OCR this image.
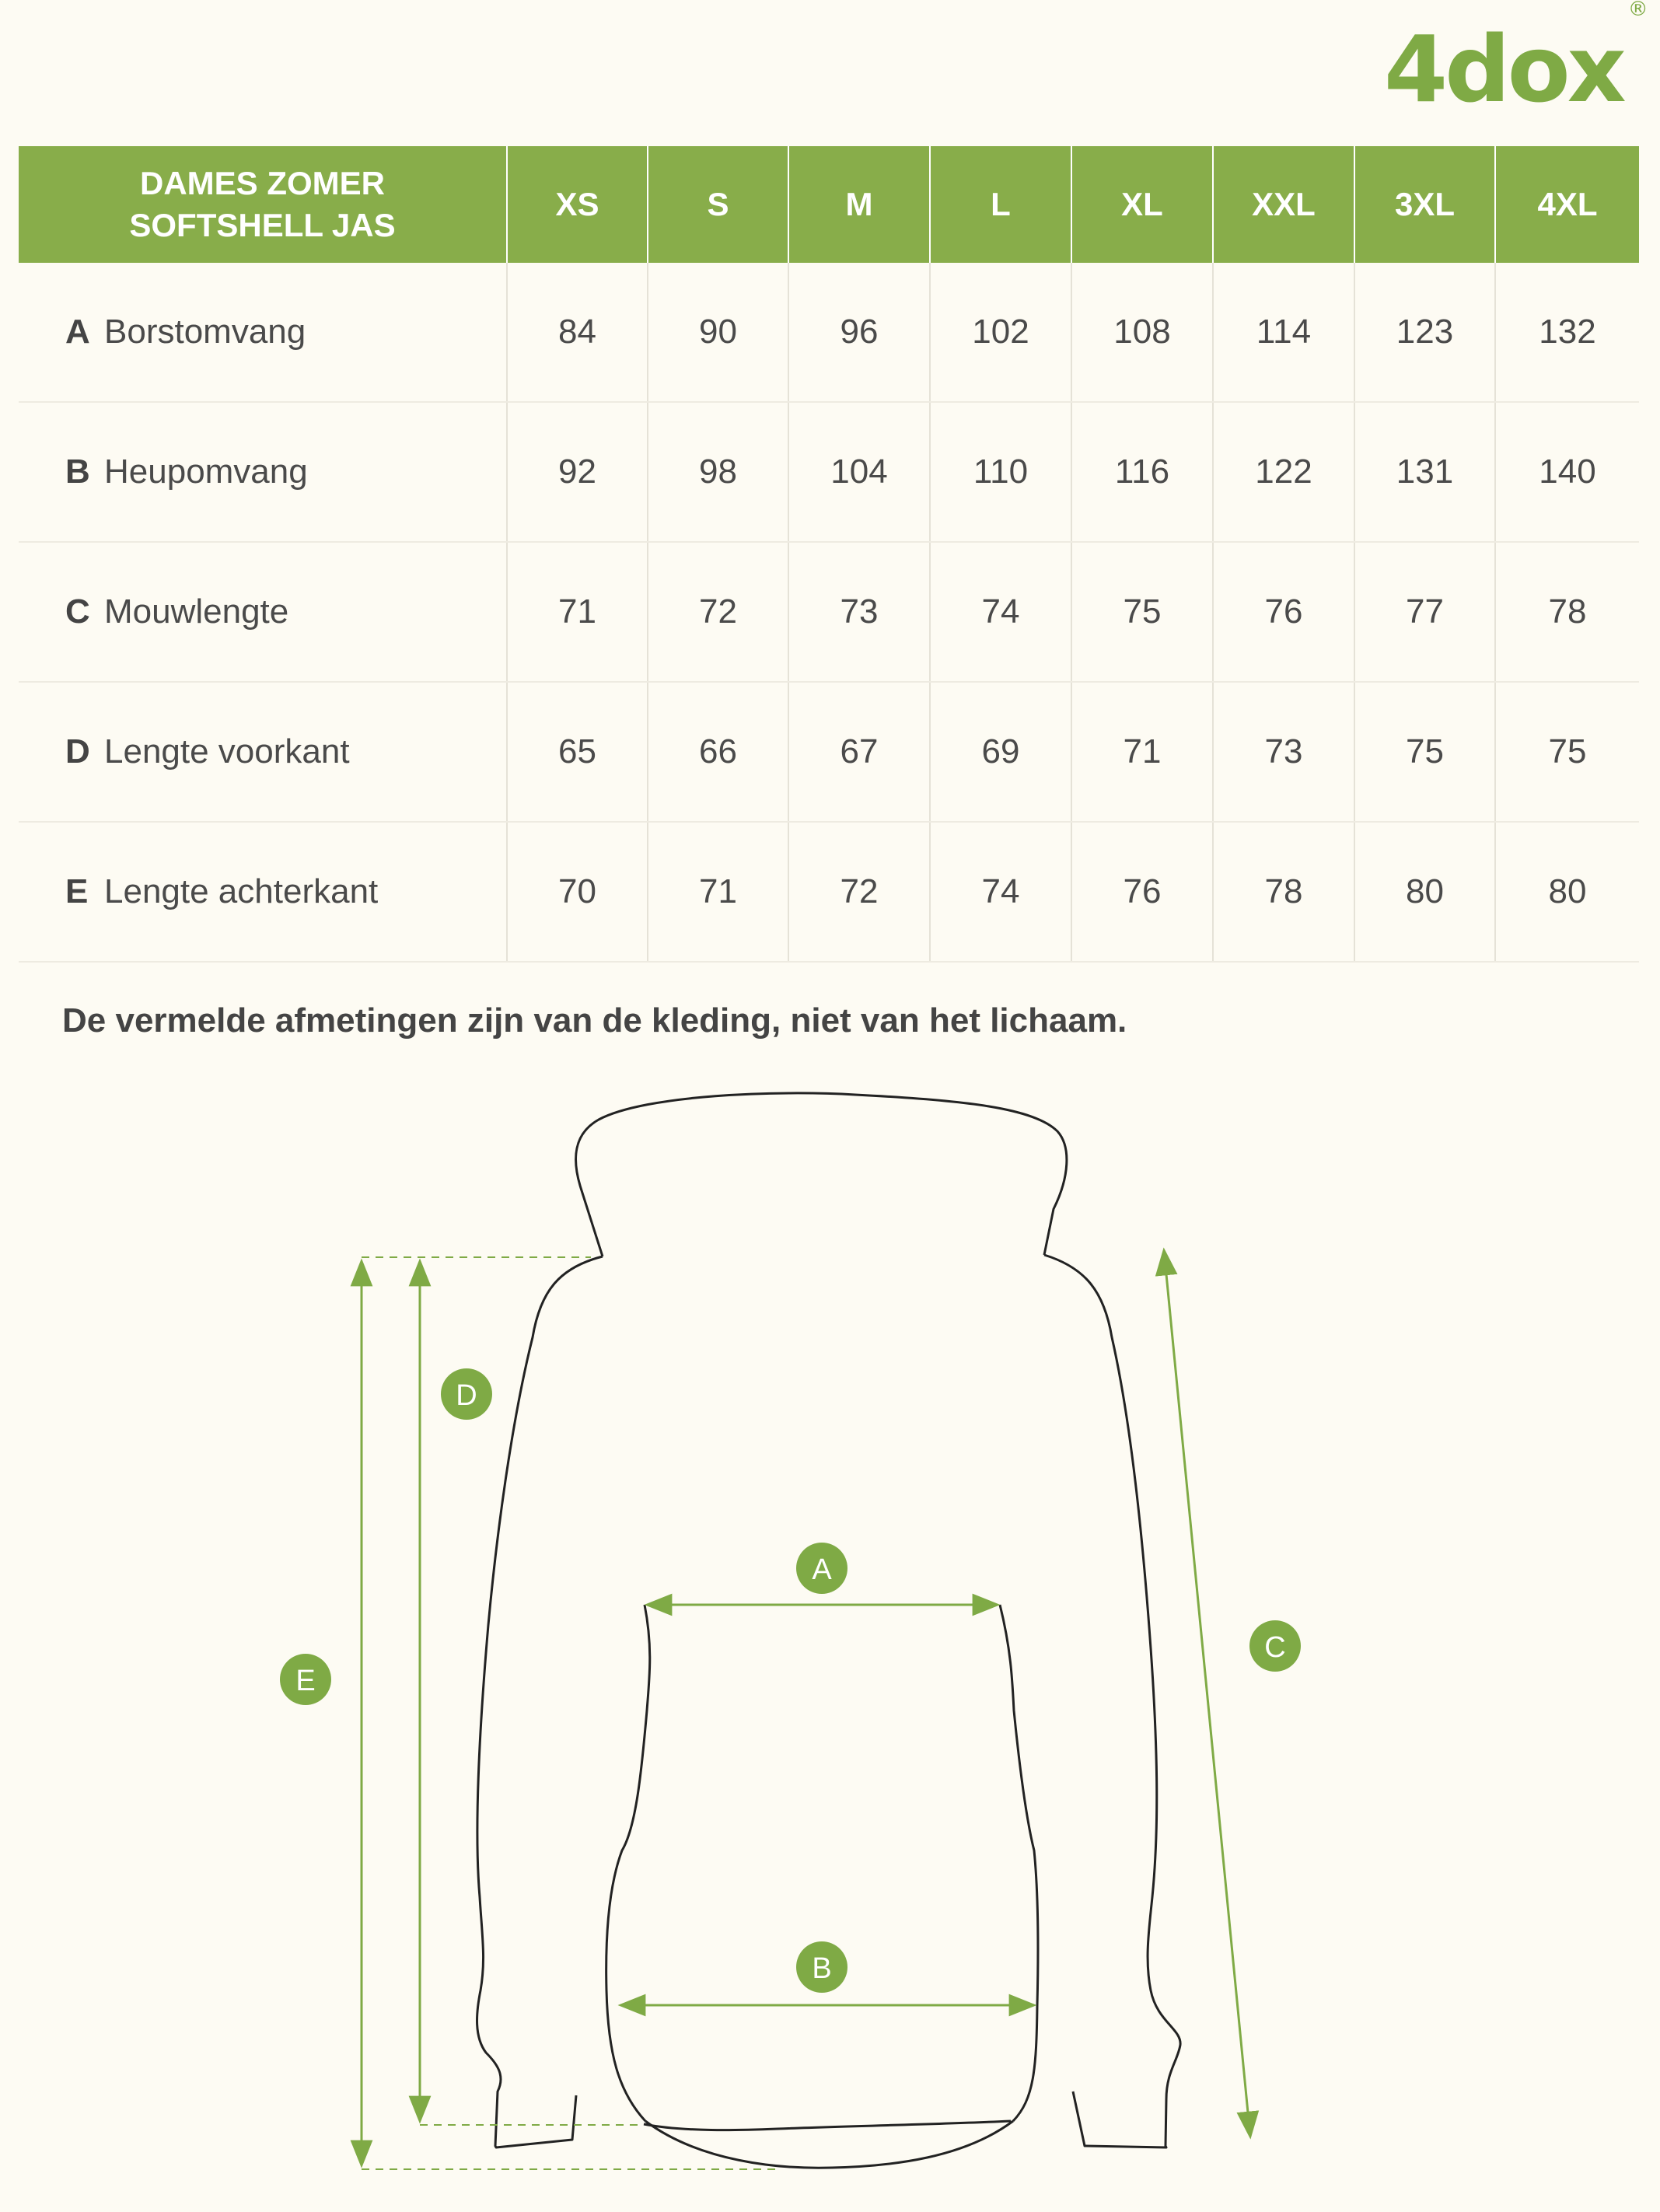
4dox®
DAMES ZOMER
SOFTSHELL JAS	XS	S	M	L	XL	XXL	3XL	4XL
A Borstomvang	84	90	96	102	108	114	123	132
B Heupomvang	92	98	104	110	116	122	131	140
C Mouwlengte	71	72	73	74	75	76	77	78
D Lengte voorkant	65	66	67	69	71	73	75	75
E Lengte achterkant	70	71	72	74	76	78	80	80
De vermelde afmetingen zijn van de kleding, niet van het lichaam.
A
B
C
D
E
